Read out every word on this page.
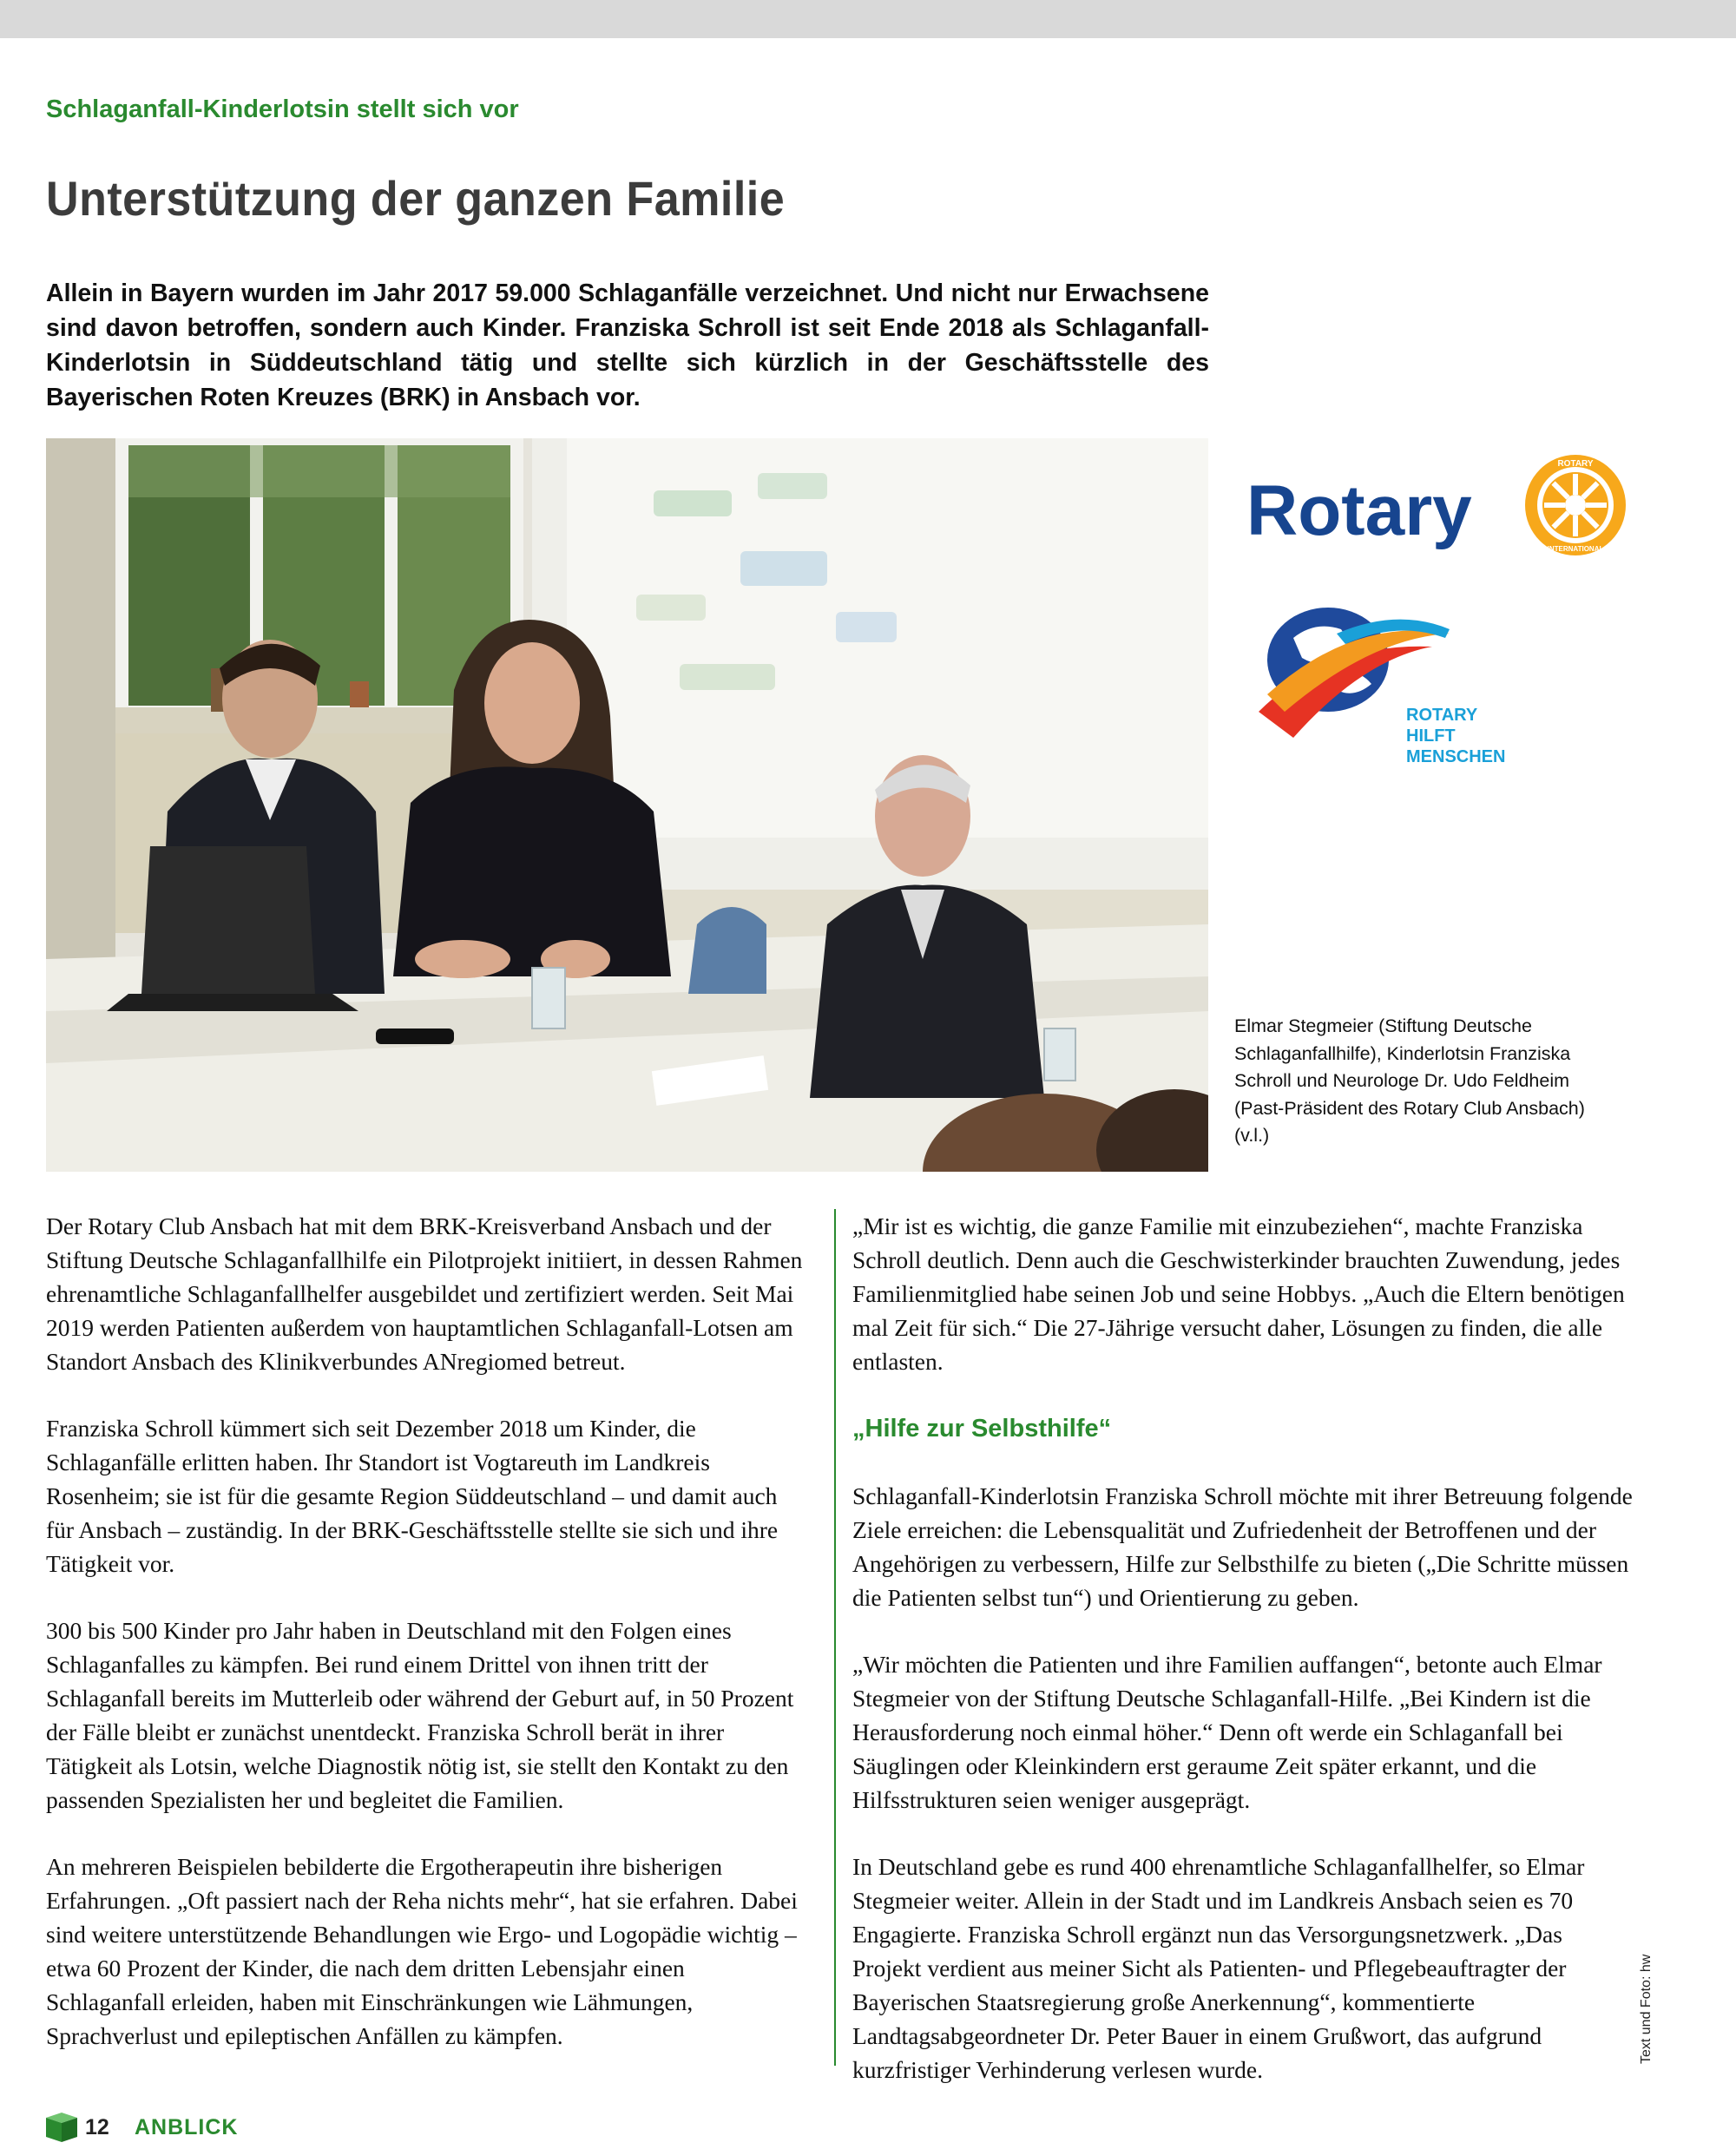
Schlaganfall-Kinderlotsin stellt sich vor
Unterstützung der ganzen Familie
Allein in Bayern wurden im Jahr 2017 59.000 Schlaganfälle verzeichnet. Und nicht nur Erwachsene sind davon betroffen, sondern auch Kinder. Franziska Schroll ist seit Ende 2018 als Schlaganfall-Kinderlotsin in Süddeutschland tätig und stellte sich kürzlich in der Geschäftsstelle des Bayerischen Roten Kreuzes (BRK) in Ansbach vor.
Rotary
ROTARY
INTERNATIONAL
ROTARY
HILFT
MENSCHEN
Elmar Stegmeier (Stiftung Deutsche Schlaganfallhilfe), Kinderlotsin Franziska Schroll und Neurologe Dr. Udo Feldheim (Past-Präsident des Rotary Club Ansbach) (v.l.)

Der Rotary Club Ansbach hat mit dem BRK-Kreisverband Ansbach und der Stiftung Deutsche Schlaganfallhilfe ein Pilotprojekt initiiert, in dessen Rahmen ehrenamtliche Schlaganfallhelfer ausgebildet und zertifiziert werden. Seit Mai 2019 werden Patienten außerdem von hauptamtlichen Schlaganfall-Lotsen am Standort Ansbach des Klinikverbundes ANregiomed betreut.

Franziska Schroll kümmert sich seit Dezember 2018 um Kinder, die Schlaganfälle erlitten haben. Ihr Standort ist Vogtareuth im Landkreis Rosenheim; sie ist für die gesamte Region Süddeutschland – und damit auch für Ansbach – zuständig. In der BRK-Geschäftsstelle stellte sie sich und ihre Tätigkeit vor.

300 bis 500 Kinder pro Jahr haben in Deutschland mit den Folgen eines Schlaganfalles zu kämpfen. Bei rund einem Drittel von ihnen tritt der Schlaganfall bereits im Mutterleib oder während der Geburt auf, in 50 Prozent der Fälle bleibt er zunächst unentdeckt. Franziska Schroll berät in ihrer Tätigkeit als Lotsin, welche Diagnostik nötig ist, sie stellt den Kontakt zu den passenden Spezialisten her und begleitet die Familien.

An mehreren Beispielen bebilderte die Ergotherapeutin ihre bisherigen Erfahrungen. „Oft passiert nach der Reha nichts mehr“, hat sie erfahren. Dabei sind weitere unterstützende Behandlungen wie Ergo- und Logopädie wichtig – etwa 60 Prozent der Kinder, die nach dem dritten Lebensjahr einen Schlaganfall erleiden, haben mit Einschränkungen wie Lähmungen, Sprachverlust und epileptischen Anfällen zu kämpfen.

„Mir ist es wichtig, die ganze Familie mit einzubeziehen“, machte Franziska Schroll deutlich. Denn auch die Geschwisterkinder brauchten Zuwendung, jedes Familienmitglied habe seinen Job und seine Hobbys. „Auch die Eltern benötigen mal Zeit für sich.“ Die 27-Jährige versucht daher, Lösungen zu finden, die alle entlasten.

„Hilfe zur Selbsthilfe“

Schlaganfall-Kinderlotsin Franziska Schroll möchte mit ihrer Betreuung folgende Ziele erreichen: die Lebensqualität und Zufriedenheit der Betroffenen und der Angehörigen zu verbessern, Hilfe zur Selbsthilfe zu bieten („Die Schritte müssen die Patienten selbst tun“) und Orientierung zu geben.

„Wir möchten die Patienten und ihre Familien auffangen“, betonte auch Elmar Stegmeier von der Stiftung Deutsche Schlaganfall-Hilfe. „Bei Kindern ist die Herausforderung noch einmal höher.“ Denn oft werde ein Schlaganfall bei Säuglingen oder Kleinkindern erst geraume Zeit später erkannt, und die Hilfsstrukturen seien weniger ausgeprägt.

In Deutschland gebe es rund 400 ehrenamtliche Schlaganfallhelfer, so Elmar Stegmeier weiter. Allein in der Stadt und im Landkreis Ansbach seien es 70 Engagierte. Franziska Schroll ergänzt nun das Versorgungsnetzwerk. „Das Projekt verdient aus meiner Sicht als Patienten- und Pflegebeauftragter der Bayerischen Staatsregierung große Anerkennung“, kommentierte Landtagsabgeordneter Dr. Peter Bauer in einem Grußwort, das aufgrund kurzfristiger Verhinderung verlesen wurde.

Text und Foto: hw
12 ANBLICK
